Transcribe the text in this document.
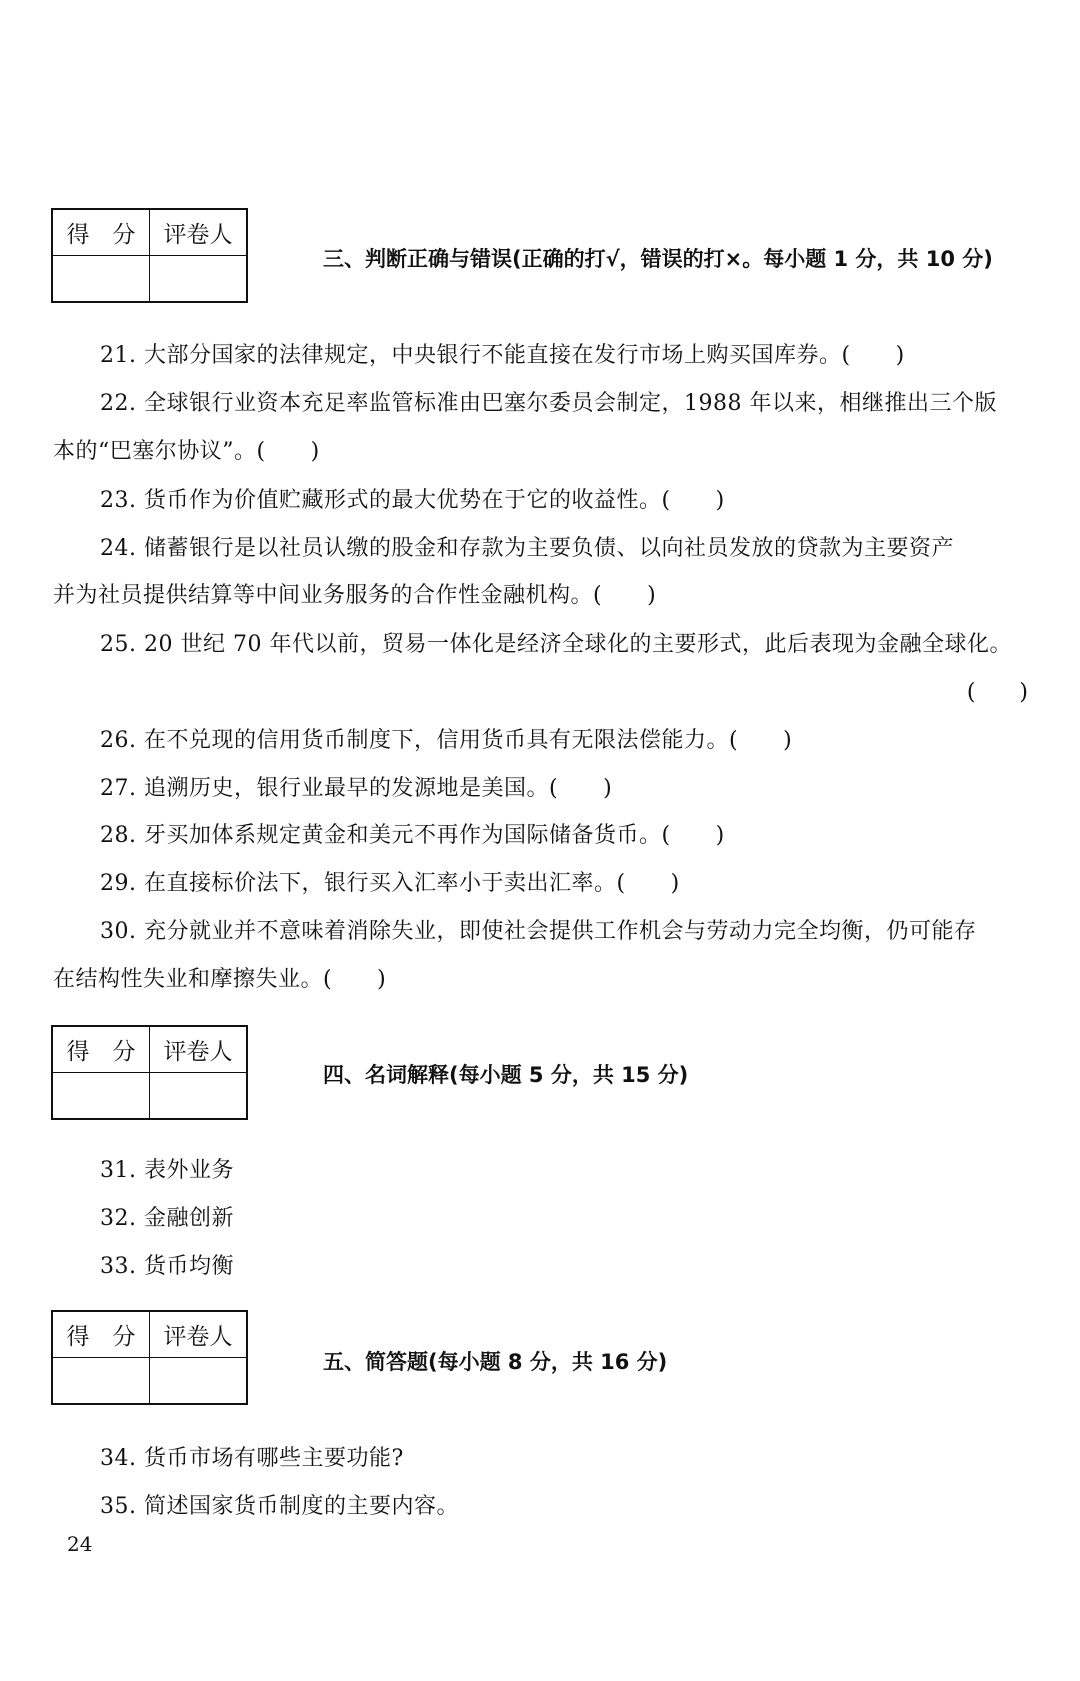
得　分	评卷人

三、判断正确与错误(正确的打√，错误的打×。每小题 1 分，共 10 分)
21. 大部分国家的法律规定，中央银行不能直接在发行市场上购买国库券。(　　)
22. 全球银行业资本充足率监管标准由巴塞尔委员会制定，1988 年以来，相继推出三个版
本的“巴塞尔协议”。(　　)
23. 货币作为价值贮藏形式的最大优势在于它的收益性。(　　)
24. 储蓄银行是以社员认缴的股金和存款为主要负债、以向社员发放的贷款为主要资产
并为社员提供结算等中间业务服务的合作性金融机构。(　　)
25. 20 世纪 70 年代以前，贸易一体化是经济全球化的主要形式，此后表现为金融全球化。
(　　)
26. 在不兑现的信用货币制度下，信用货币具有无限法偿能力。(　　)
27. 追溯历史，银行业最早的发源地是美国。(　　)
28. 牙买加体系规定黄金和美元不再作为国际储备货币。(　　)
29. 在直接标价法下，银行买入汇率小于卖出汇率。(　　)
30. 充分就业并不意味着消除失业，即使社会提供工作机会与劳动力完全均衡，仍可能存
在结构性失业和摩擦失业。(　　)
得　分	评卷人

四、名词解释(每小题 5 分，共 15 分)
31. 表外业务
32. 金融创新
33. 货币均衡
得　分	评卷人

五、简答题(每小题 8 分，共 16 分)
34. 货币市场有哪些主要功能?
35. 简述国家货币制度的主要内容。
24
